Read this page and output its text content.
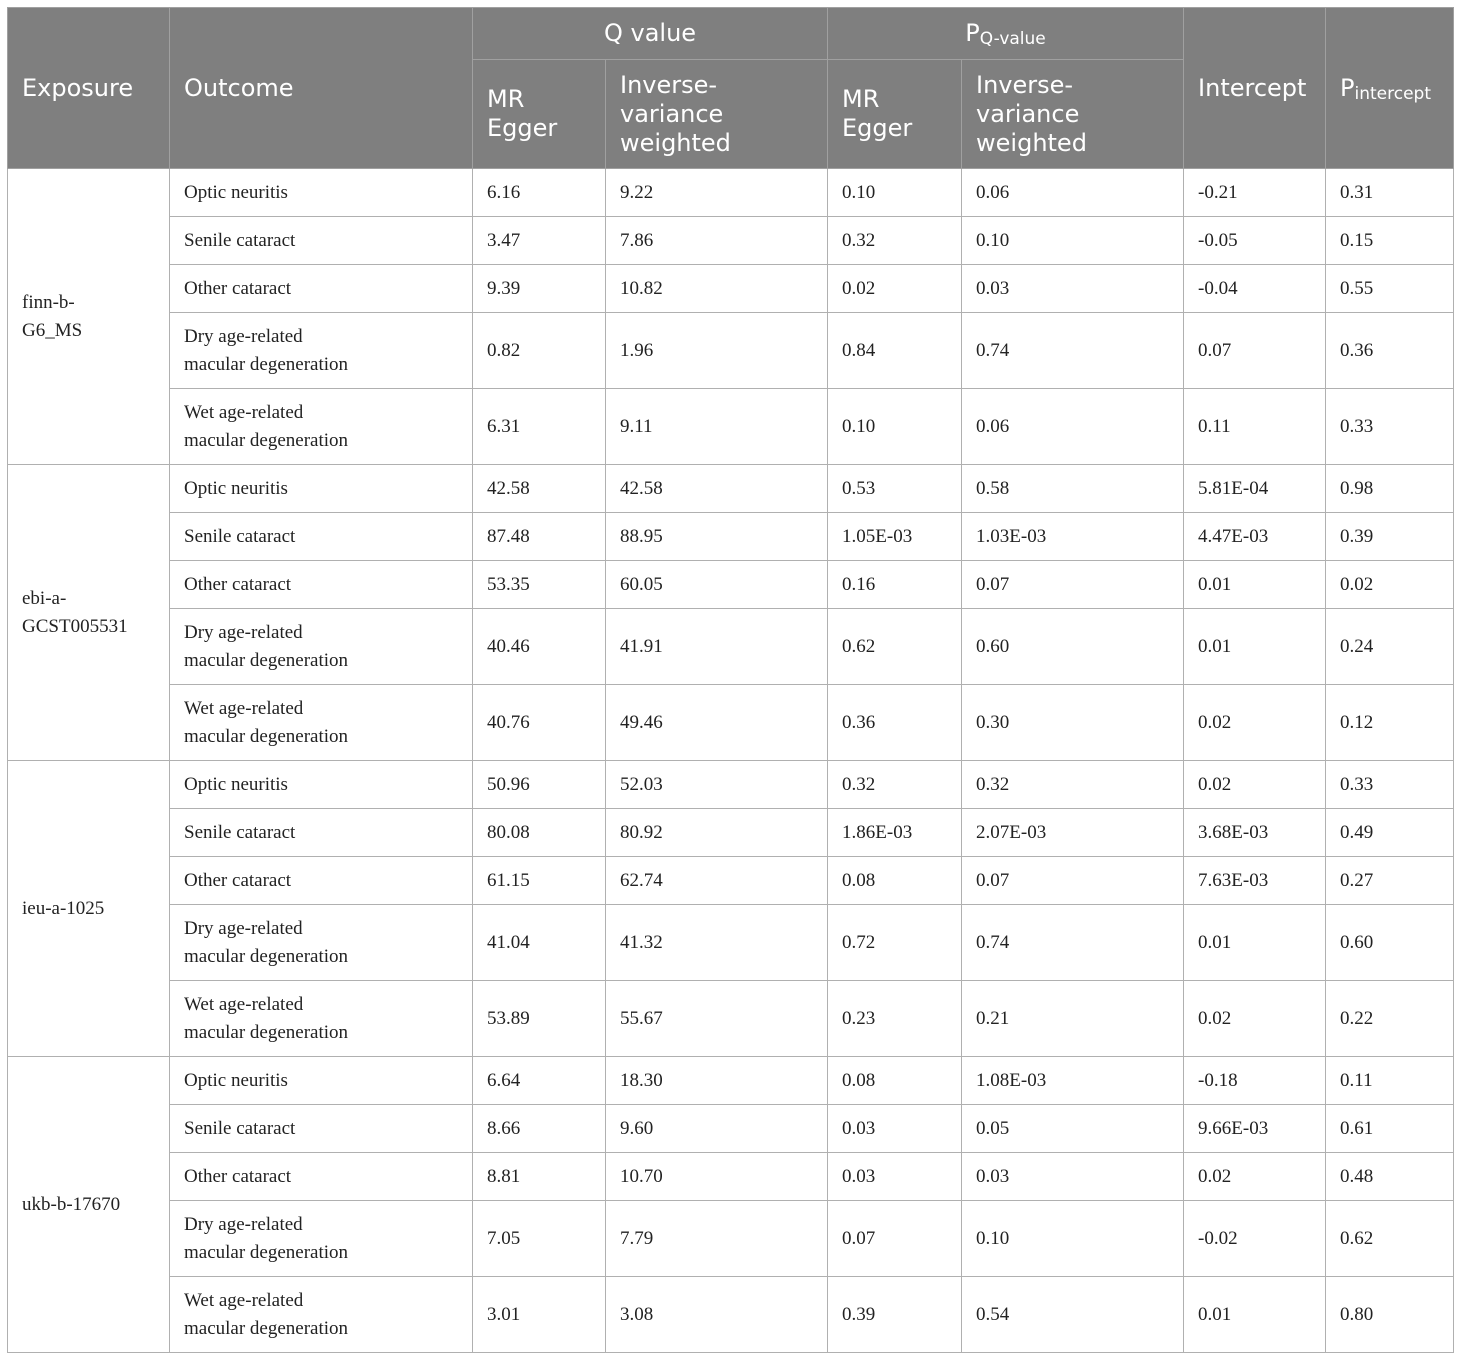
Exposure	Outcome	Q value		$P_{Q-value}$		Intercept	$P_{intercept}$
		MR Egger	Inverse-variance weighted	MR Egger	Inverse-variance weighted		
finn-b-G6_MS	Optic neuritis	6.16	9.22	0.10	0.06	-0.21	0.31
	Senile cataract	3.47	7.86	0.32	0.10	-0.05	0.15
	Other cataract	9.39	10.82	0.02	0.03	-0.04	0.55
	Dry age-related macular degeneration	0.82	1.96	0.84	0.74	0.07	0.36
	Wet age-related macular degeneration	6.31	9.11	0.10	0.06	0.11	0.33
ebi-a-GCST005531	Optic neuritis	42.58	42.58	0.53	0.58	5.81E-04	0.98
	Senile cataract	87.48	88.95	1.05E-03	1.03E-03	4.47E-03	0.39
	Other cataract	53.35	60.05	0.16	0.07	0.01	0.02
	Dry age-related macular degeneration	40.46	41.91	0.62	0.60	0.01	0.24
	Wet age-related macular degeneration	40.76	49.46	0.36	0.30	0.02	0.12
ieu-a-1025	Optic neuritis	50.96	52.03	0.32	0.32	0.02	0.33
	Senile cataract	80.08	80.92	1.86E-03	2.07E-03	3.68E-03	0.49
	Other cataract	61.15	62.74	0.08	0.07	7.63E-03	0.27
	Dry age-related macular degeneration	41.04	41.32	0.72	0.74	0.01	0.60
	Wet age-related macular degeneration	53.89	55.67	0.23	0.21	0.02	0.22
ukb-b-17670	Optic neuritis	6.64	18.30	0.08	1.08E-03	-0.18	0.11
	Senile cataract	8.66	9.60	0.03	0.05	9.66E-03	0.61
	Other cataract	8.81	10.70	0.03	0.03	0.02	0.48
	Dry age-related macular degeneration	7.05	7.79	0.07	0.10	-0.02	0.62
	Wet age-related macular degeneration	3.01	3.08	0.39	0.54	0.01	0.80
